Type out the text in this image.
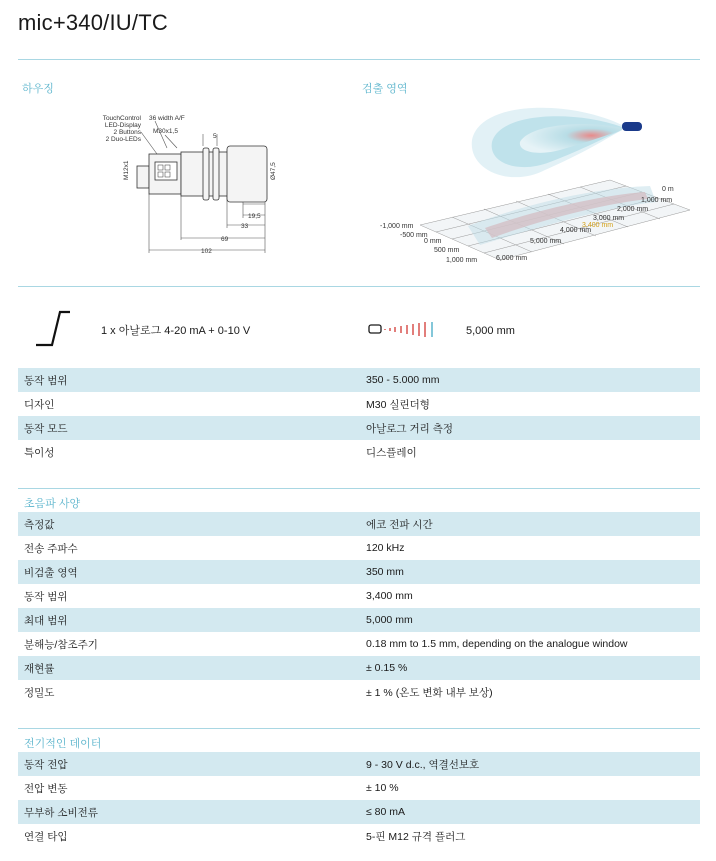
mic+340/IU/TC
하우징
TouchControl
LED-Display
2 Buttons
2 Duo-LEDs
36 width A/F
M30x1,5
5
M12x1	Ø47,5
19,5
33
69
102
검출 영역
0 m
1,000 mm
2,000 mm
3,000 mm
3,400 mm
4,000 mm
5,000 mm
6,000 mm
-1,000 mm
-500 mm
0 mm
500 mm
1,000 mm
1 x 아날로그 4-20 mA + 0-10 V	5,000 mm
동작 범위	350 - 5.000 mm
디자인	M30 실린더형
동작 모드	아날로그 거리 측정
특이성	디스플레이
초음파 사양
측정값	에코 전파 시간
전송 주파수	120 kHz
비검출 영역	350 mm
동작 범위	3,400 mm
최대 범위	5,000 mm
분해능/참조주기	0.18 mm to 1.5 mm, depending on the analogue window
재현률	± 0.15 %
정밀도	± 1 % (온도 변화 내부 보상)
전기적인 데이터
동작 전압	9 - 30 V d.c., 역결선보호
전압 변동	± 10 %
무부하 소비전류	≤ 80 mA
연결 타입	5-핀 M12 규격 플러그
